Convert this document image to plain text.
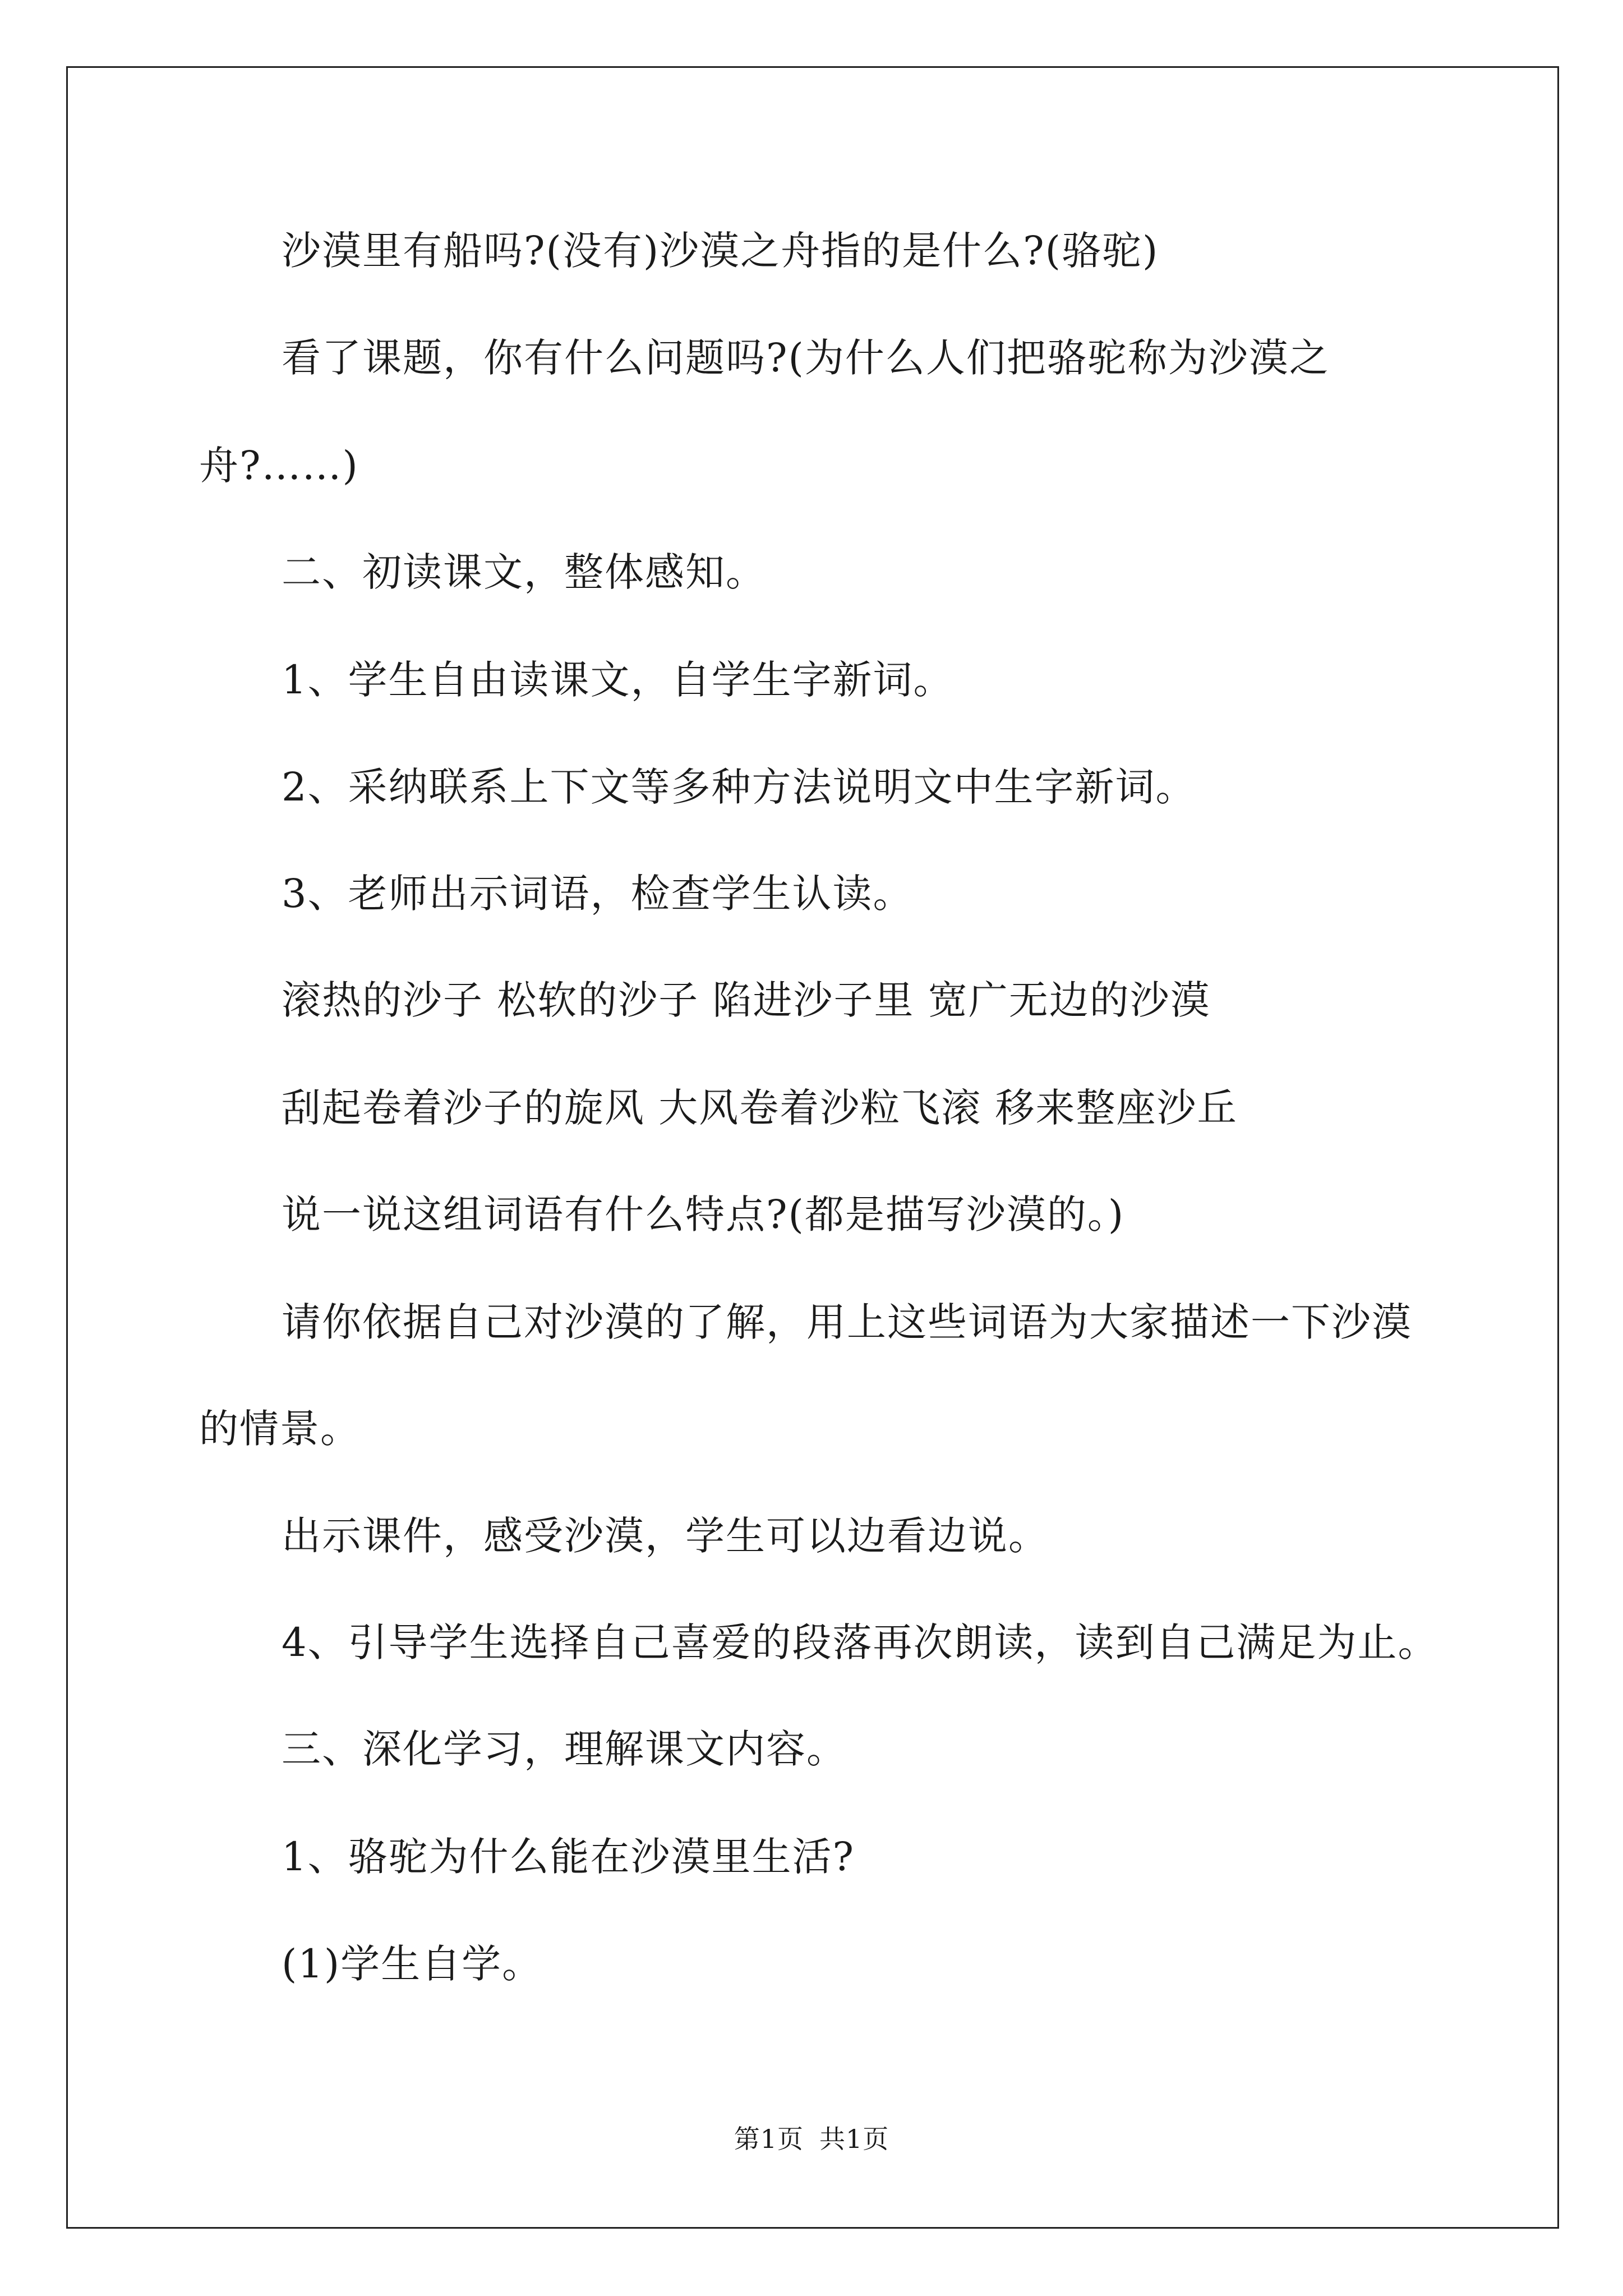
沙漠里有船吗?(没有)沙漠之舟指的是什么?(骆驼)
看了课题，你有什么问题吗?(为什么人们把骆驼称为沙漠之
舟?……)
二、初读课文，整体感知。
1、学生自由读课文，自学生字新词。
2、采纳联系上下文等多种方法说明文中生字新词。
3、老师出示词语，检查学生认读。
滚热的沙子 松软的沙子 陷进沙子里 宽广无边的沙漠
刮起卷着沙子的旋风 大风卷着沙粒飞滚 移来整座沙丘
说一说这组词语有什么特点?(都是描写沙漠的。)
请你依据自己对沙漠的了解，用上这些词语为大家描述一下沙漠
的情景。
出示课件，感受沙漠，学生可以边看边说。
4、引导学生选择自己喜爱的段落再次朗读，读到自己满足为止。
三、深化学习，理解课文内容。
1、骆驼为什么能在沙漠里生活?
(1)学生自学。
第1页 共1页
